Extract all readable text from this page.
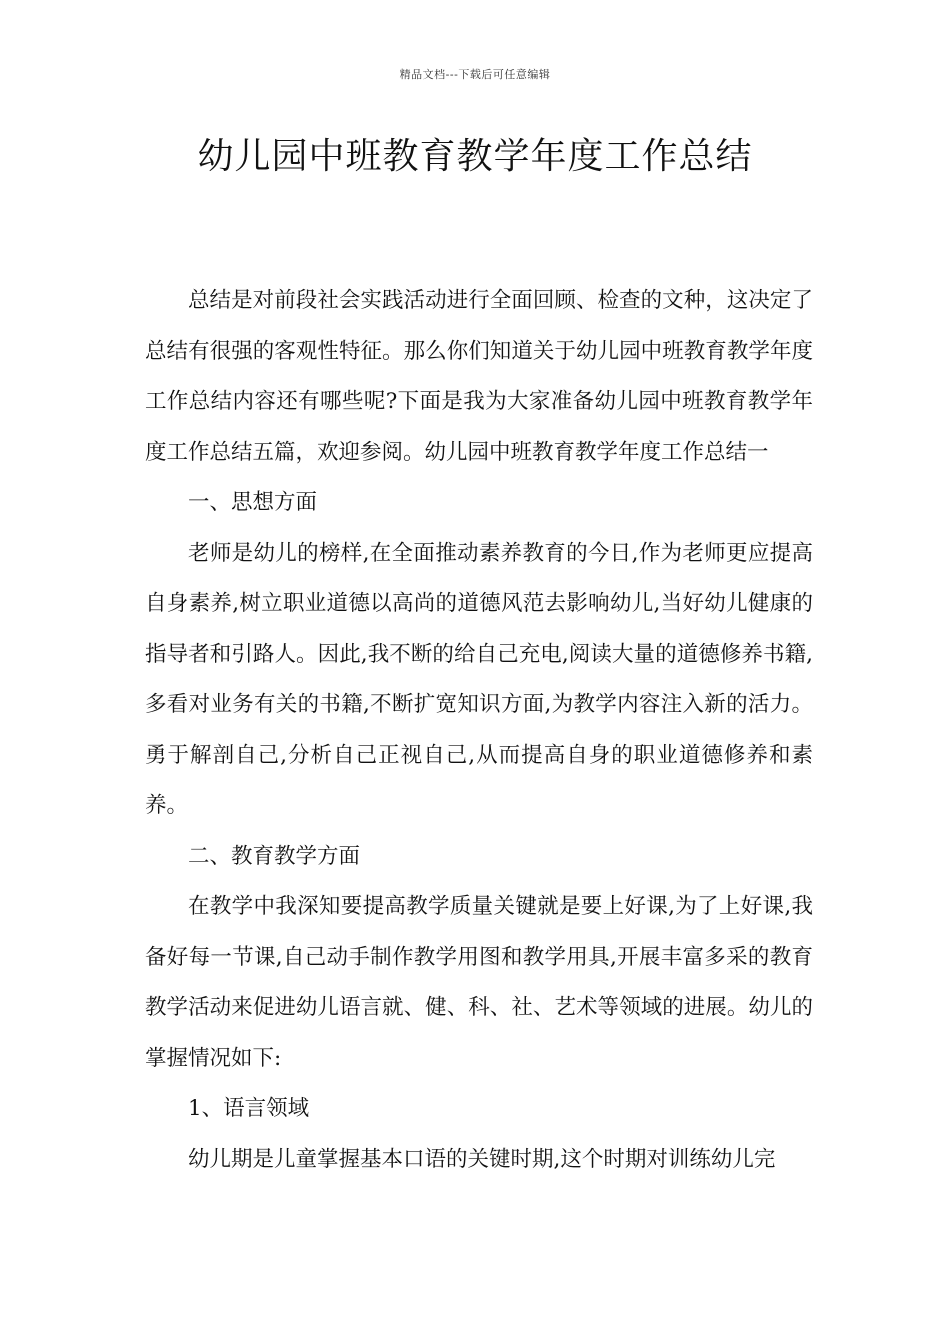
精品文档---下载后可任意编辑
幼儿园中班教育教学年度工作总结

总结是对前段社会实践活动进行全面回顾、检查的文种，这决定了总结有很强的客观性特征。那么你们知道关于幼儿园中班教育教学年度工作总结内容还有哪些呢?下面是我为大家准备幼儿园中班教育教学年度工作总结五篇，欢迎参阅。幼儿园中班教育教学年度工作总结一

一、思想方面

老师是幼儿的榜样,在全面推动素养教育的今日,作为老师更应提高自身素养,树立职业道德以高尚的道德风范去影响幼儿,当好幼儿健康的指导者和引路人。因此,我不断的给自己充电,阅读大量的道德修养书籍,多看对业务有关的书籍,不断扩宽知识方面,为教学内容注入新的活力。勇于解剖自己,分析自己正视自己,从而提高自身的职业道德修养和素养。

二、教育教学方面

在教学中我深知要提高教学质量关键就是要上好课,为了上好课,我备好每一节课,自己动手制作教学用图和教学用具,开展丰富多采的教育教学活动来促进幼儿语言就、健、科、社、艺术等领域的进展。幼儿的掌握情况如下:

1、语言领域

幼儿期是儿童掌握基本口语的关键时期,这个时期对训练幼儿完
